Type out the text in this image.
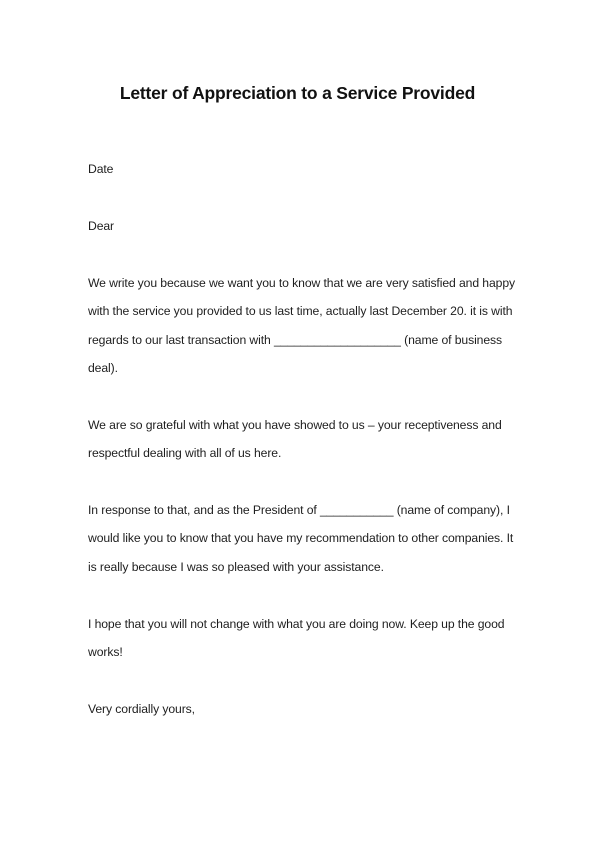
Letter of Appreciation to a Service Provided
Date
Dear
We write you because we want you to know that we are very satisfied and happy
with the service you provided to us last time, actually last December 20. it is with
regards to our last transaction with ___________________ (name of business
deal).
We are so grateful with what you have showed to us – your receptiveness and
respectful dealing with all of us here.
In response to that, and as the President of ___________ (name of company), I
would like you to know that you have my recommendation to other companies. It
is really because I was so pleased with your assistance.
I hope that you will not change with what you are doing now. Keep up the good
works!
Very cordially yours,
